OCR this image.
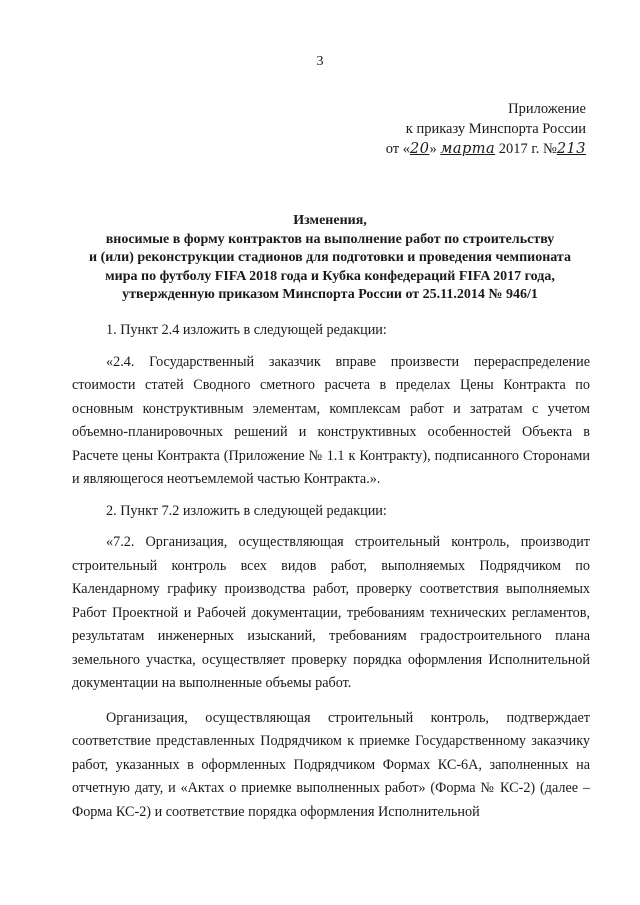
3
Приложение
к приказу Минспорта России
от «20» марта 2017 г. №213
Изменения,
вносимые в форму контрактов на выполнение работ по строительству
и (или) реконструкции стадионов для подготовки и проведения чемпионата
мира по футболу FIFA 2018 года и Кубка конфедераций FIFA 2017 года,
утвержденную приказом Минспорта России от 25.11.2014 № 946/1

1. Пункт 2.4 изложить в следующей редакции:

«2.4. Государственный заказчик вправе произвести перераспределение стоимости статей Сводного сметного расчета в пределах Цены Контракта по основным конструктивным элементам, комплексам работ и затратам с учетом объемно-планировочных решений и конструктивных особенностей Объекта в Расчете цены Контракта (Приложение № 1.1 к Контракту), подписанного Сторонами и являющегося неотъемлемой частью Контракта.».

2. Пункт 7.2 изложить в следующей редакции:

«7.2. Организация, осуществляющая строительный контроль, производит строительный контроль всех видов работ, выполняемых Подрядчиком по Календарному графику производства работ, проверку соответствия выполняемых Работ Проектной и Рабочей документации, требованиям технических регламентов, результатам инженерных изысканий, требованиям градостроительного плана земельного участка, осуществляет проверку порядка оформления Исполнительной документации на выполненные объемы работ.

Организация, осуществляющая строительный контроль, подтверждает соответствие представленных Подрядчиком к приемке Государственному заказчику работ, указанных в оформленных Подрядчиком Формах КС-6А, заполненных на отчетную дату, и «Актах о приемке выполненных работ» (Форма № КС-2) (далее – Форма КС-2) и соответствие порядка оформления Исполнительной
